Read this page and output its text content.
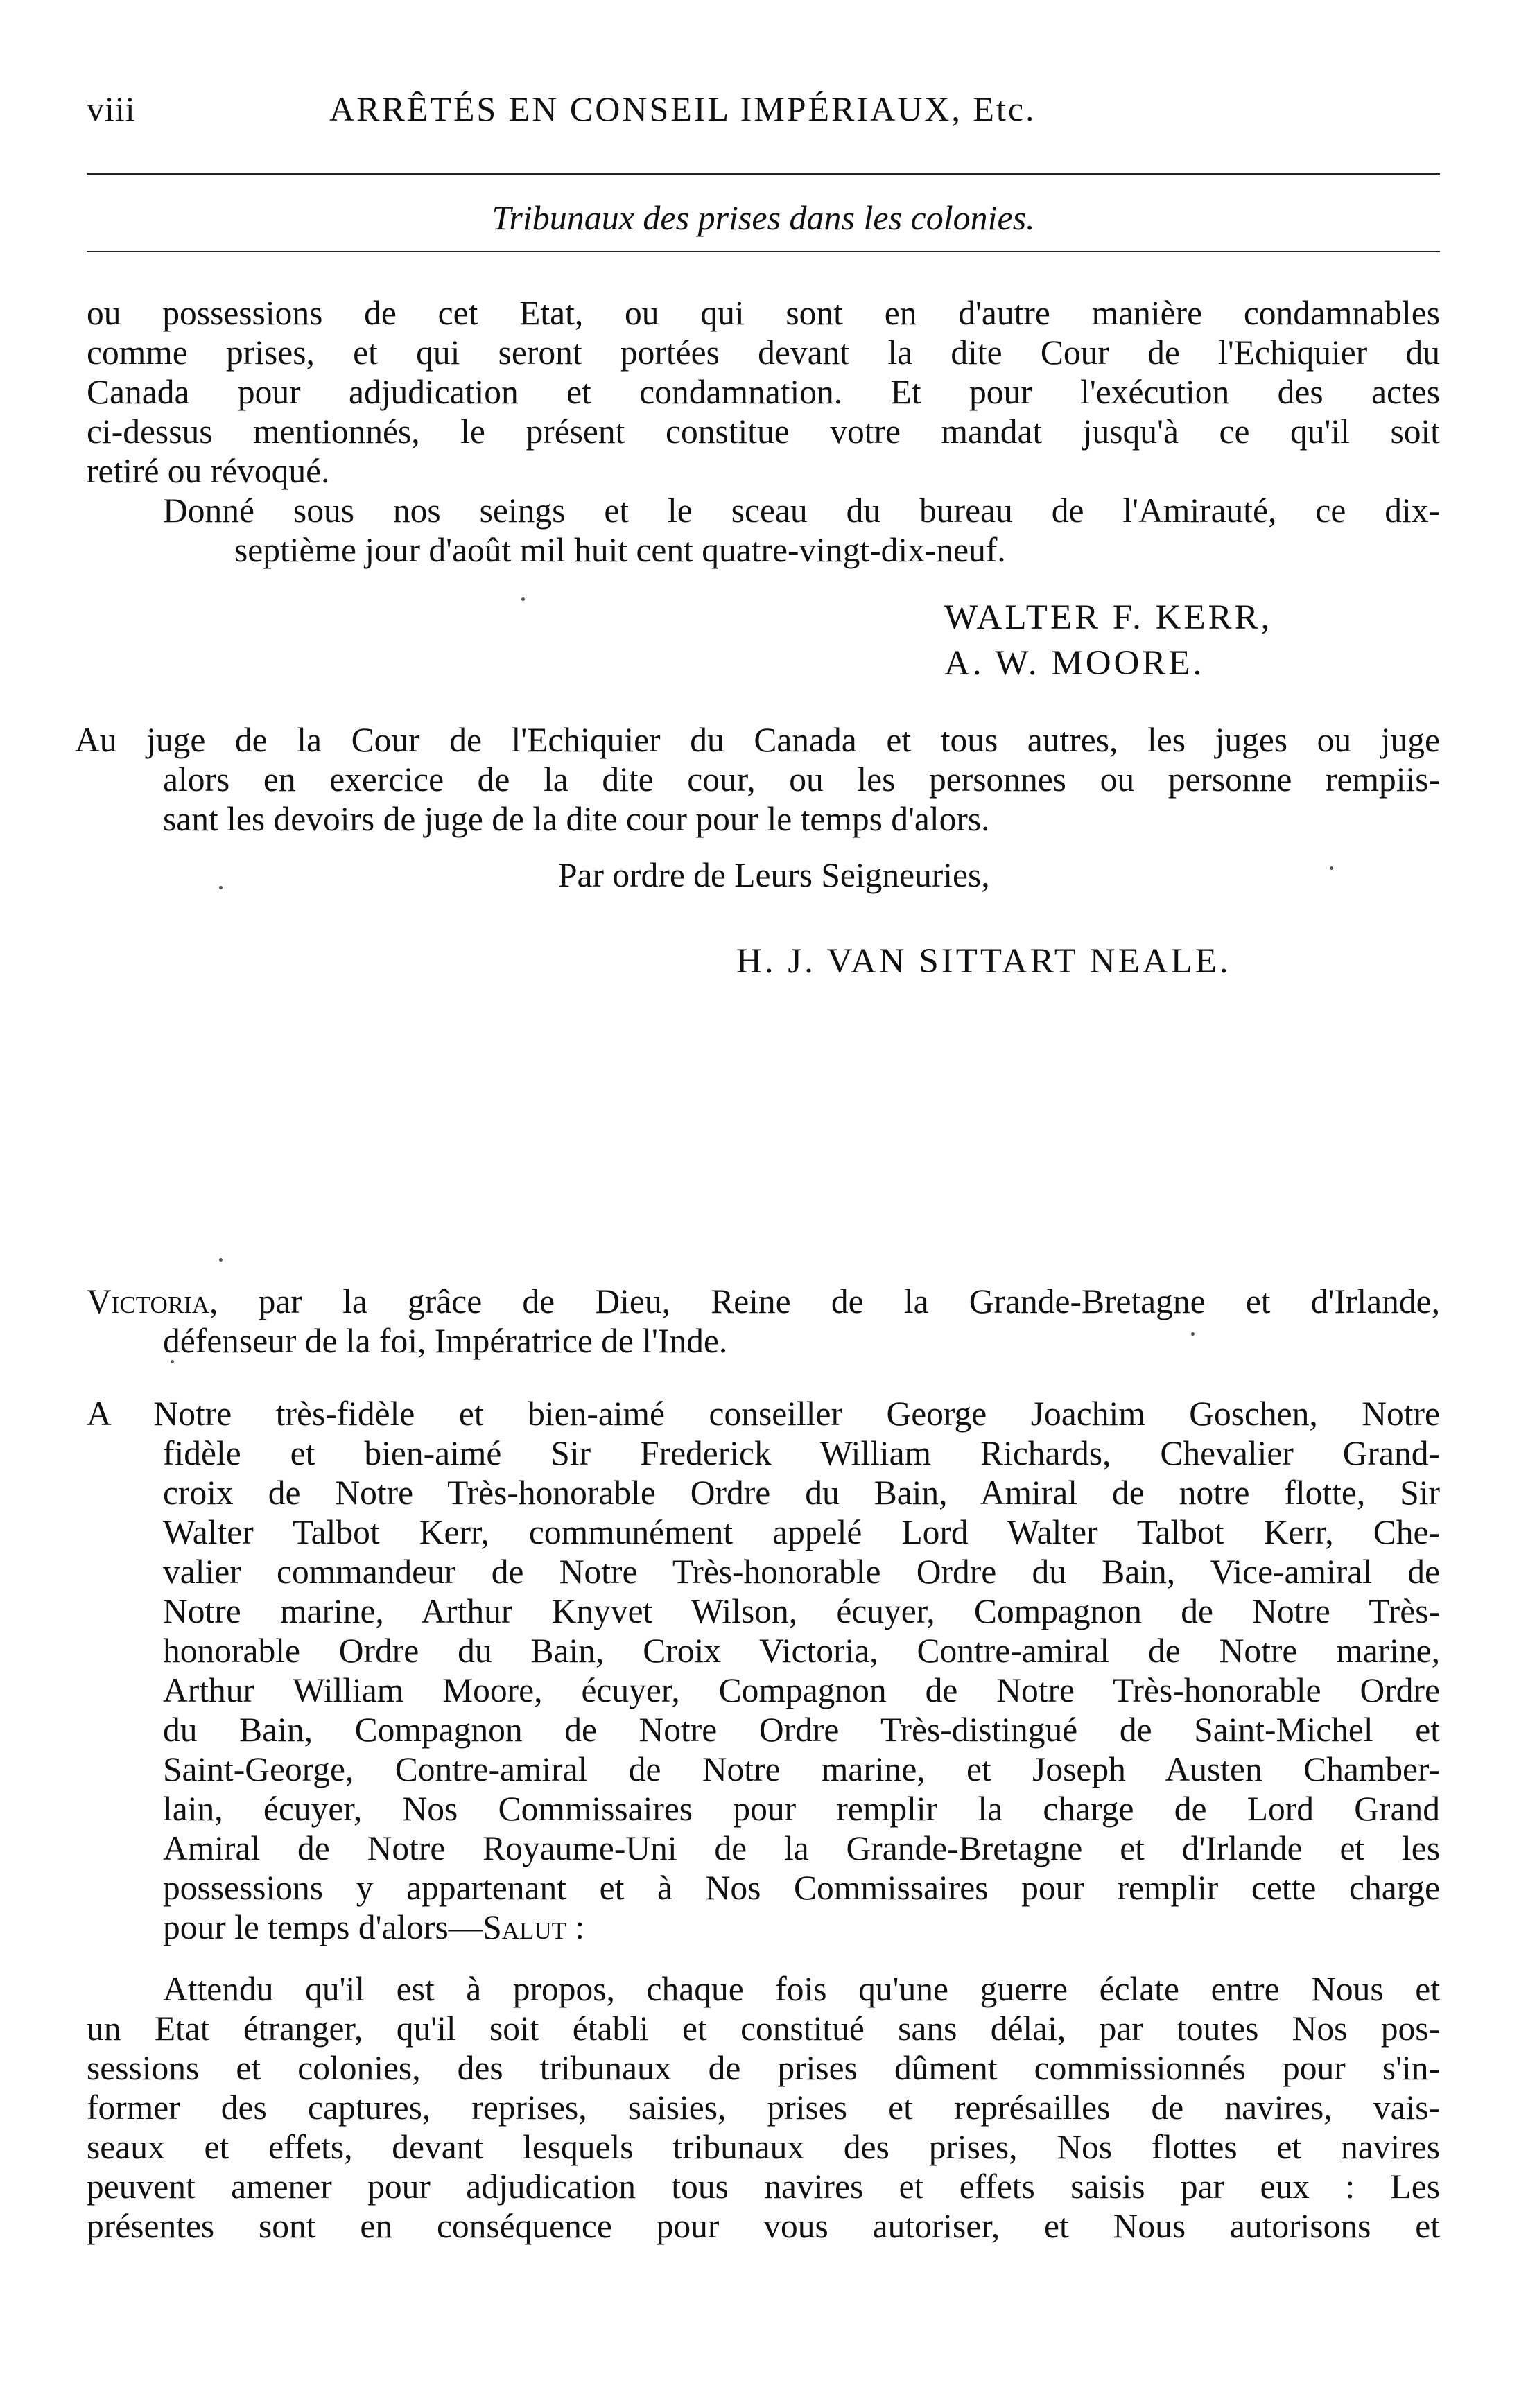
viii	ARRÊTÉS EN CONSEIL IMPÉRIAUX, Etc.
Tribunaux des prises dans les colonies.
ou possessions de cet Etat, ou qui sont en d'autre manière condamnables
comme prises, et qui seront portées devant la dite Cour de l'Echiquier du
Canada pour adjudication et condamnation. Et pour l'exécution des actes
ci-dessus mentionnés, le présent constitue votre mandat jusqu'à ce qu'il soit
retiré ou révoqué.
Donné sous nos seings et le sceau du bureau de l'Amirauté, ce dix-
septième jour d'août mil huit cent quatre-vingt-dix-neuf.
WALTER F. KERR,
A. W. MOORE.
Au juge de la Cour de l'Echiquier du Canada et tous autres, les juges ou juge
alors en exercice de la dite cour, ou les personnes ou personne rempiis-
sant les devoirs de juge de la dite cour pour le temps d'alors.
Par ordre de Leurs Seigneuries,
H. J. VAN SITTART NEALE.
Victoria, par la grâce de Dieu, Reine de la Grande-Bretagne et d'Irlande,
défenseur de la foi, Impératrice de l'Inde.
A Notre très-fidèle et bien-aimé conseiller George Joachim Goschen, Notre
fidèle et bien-aimé Sir Frederick William Richards, Chevalier Grand-
croix de Notre Très-honorable Ordre du Bain, Amiral de notre flotte, Sir
Walter Talbot Kerr, communément appelé Lord Walter Talbot Kerr, Che-
valier commandeur de Notre Très-honorable Ordre du Bain, Vice-amiral de
Notre marine, Arthur Knyvet Wilson, écuyer, Compagnon de Notre Très-
honorable Ordre du Bain, Croix Victoria, Contre-amiral de Notre marine,
Arthur William Moore, écuyer, Compagnon de Notre Très-honorable Ordre
du Bain, Compagnon de Notre Ordre Très-distingué de Saint-Michel et
Saint-George, Contre-amiral de Notre marine, et Joseph Austen Chamber-
lain, écuyer, Nos Commissaires pour remplir la charge de Lord Grand
Amiral de Notre Royaume-Uni de la Grande-Bretagne et d'Irlande et les
possessions y appartenant et à Nos Commissaires pour remplir cette charge
pour le temps d'alors—Salut :
Attendu qu'il est à propos, chaque fois qu'une guerre éclate entre Nous et
un Etat étranger, qu'il soit établi et constitué sans délai, par toutes Nos pos-
sessions et colonies, des tribunaux de prises dûment commissionnés pour s'in-
former des captures, reprises, saisies, prises et représailles de navires, vais-
seaux et effets, devant lesquels tribunaux des prises, Nos flottes et navires
peuvent amener pour adjudication tous navires et effets saisis par eux : Les
présentes sont en conséquence pour vous autoriser, et Nous autorisons et
